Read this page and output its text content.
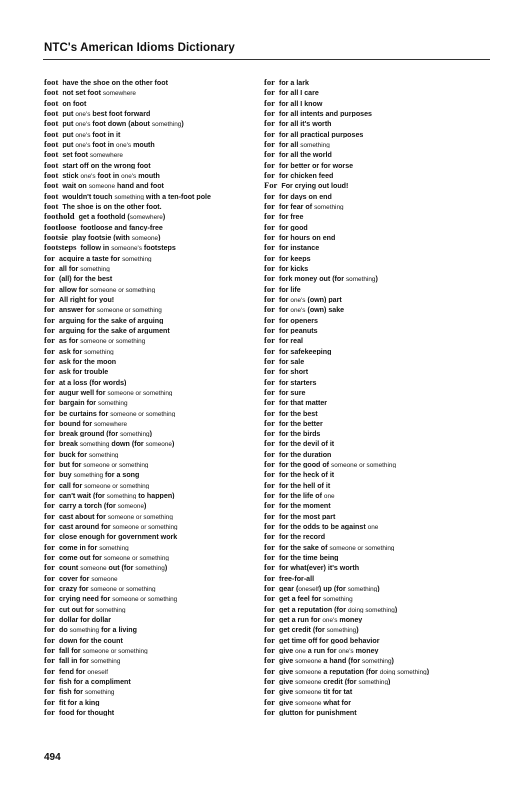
NTC's American Idioms Dictionary
foot have the shoe on the other foot
foot not set foot somewhere
foot on foot
foot put one's best foot forward
foot put one's foot down (about something)
foot put one's foot in it
foot put one's foot in one's mouth
foot set foot somewhere
foot start off on the wrong foot
foot stick one's foot in one's mouth
foot wait on someone hand and foot
foot wouldn't touch something with a ten-foot pole
foot The shoe is on the other foot.
foothold get a foothold (somewhere)
footloose footloose and fancy-free
footsie play footsie (with someone)
footsteps follow in someone's footsteps
for acquire a taste for something
for all for something
for (all) for the best
for allow for someone or something
for All right for you!
for answer for someone or something
for arguing for the sake of arguing
for arguing for the sake of argument
for as for someone or something
for ask for something
for ask for the moon
for ask for trouble
for at a loss (for words)
for augur well for someone or something
for bargain for something
for be curtains for someone or something
for bound for somewhere
for break ground (for something)
for break something down (for someone)
for buck for something
for but for someone or something
for buy something for a song
for call for someone or something
for can't wait (for something to happen)
for carry a torch (for someone)
for cast about for someone or something
for cast around for someone or something
for close enough for government work
for come in for something
for come out for someone or something
for count someone out (for something)
for cover for someone
for crazy for someone or something
for crying need for someone or something
for cut out for something
for dollar for dollar
for do something for a living
for down for the count
for fall for someone or something
for fall in for something
for fend for oneself
for fish for a compliment
for fish for something
for fit for a king
for food for thought
for for a lark
for for all I care
for for all I know
for for all intents and purposes
for for all it's worth
for for all practical purposes
for for all something
for for all the world
for for better or for worse
for for chicken feed
For For crying out loud!
for for days on end
for for fear of something
for for free
for for good
for for hours on end
for for instance
for for keeps
for for kicks
for fork money out (for something)
for for life
for for one's (own) part
for for one's (own) sake
for for openers
for for peanuts
for for real
for for safekeeping
for for sale
for for short
for for starters
for for sure
for for that matter
for for the best
for for the better
for for the birds
for for the devil of it
for for the duration
for for the good of someone or something
for for the heck of it
for for the hell of it
for for the life of one
for for the moment
for for the most part
for for the odds to be against one
for for the record
for for the sake of someone or something
for for the time being
for for what(ever) it's worth
for free-for-all
for gear (oneself) up (for something)
for get a feel for something
for get a reputation (for doing something)
for get a run for one's money
for get credit (for something)
for get time off for good behavior
for give one a run for one's money
for give someone a hand (for something)
for give someone a reputation (for doing something)
for give someone credit (for something)
for give someone tit for tat
for give someone what for
for glutton for punishment
494
